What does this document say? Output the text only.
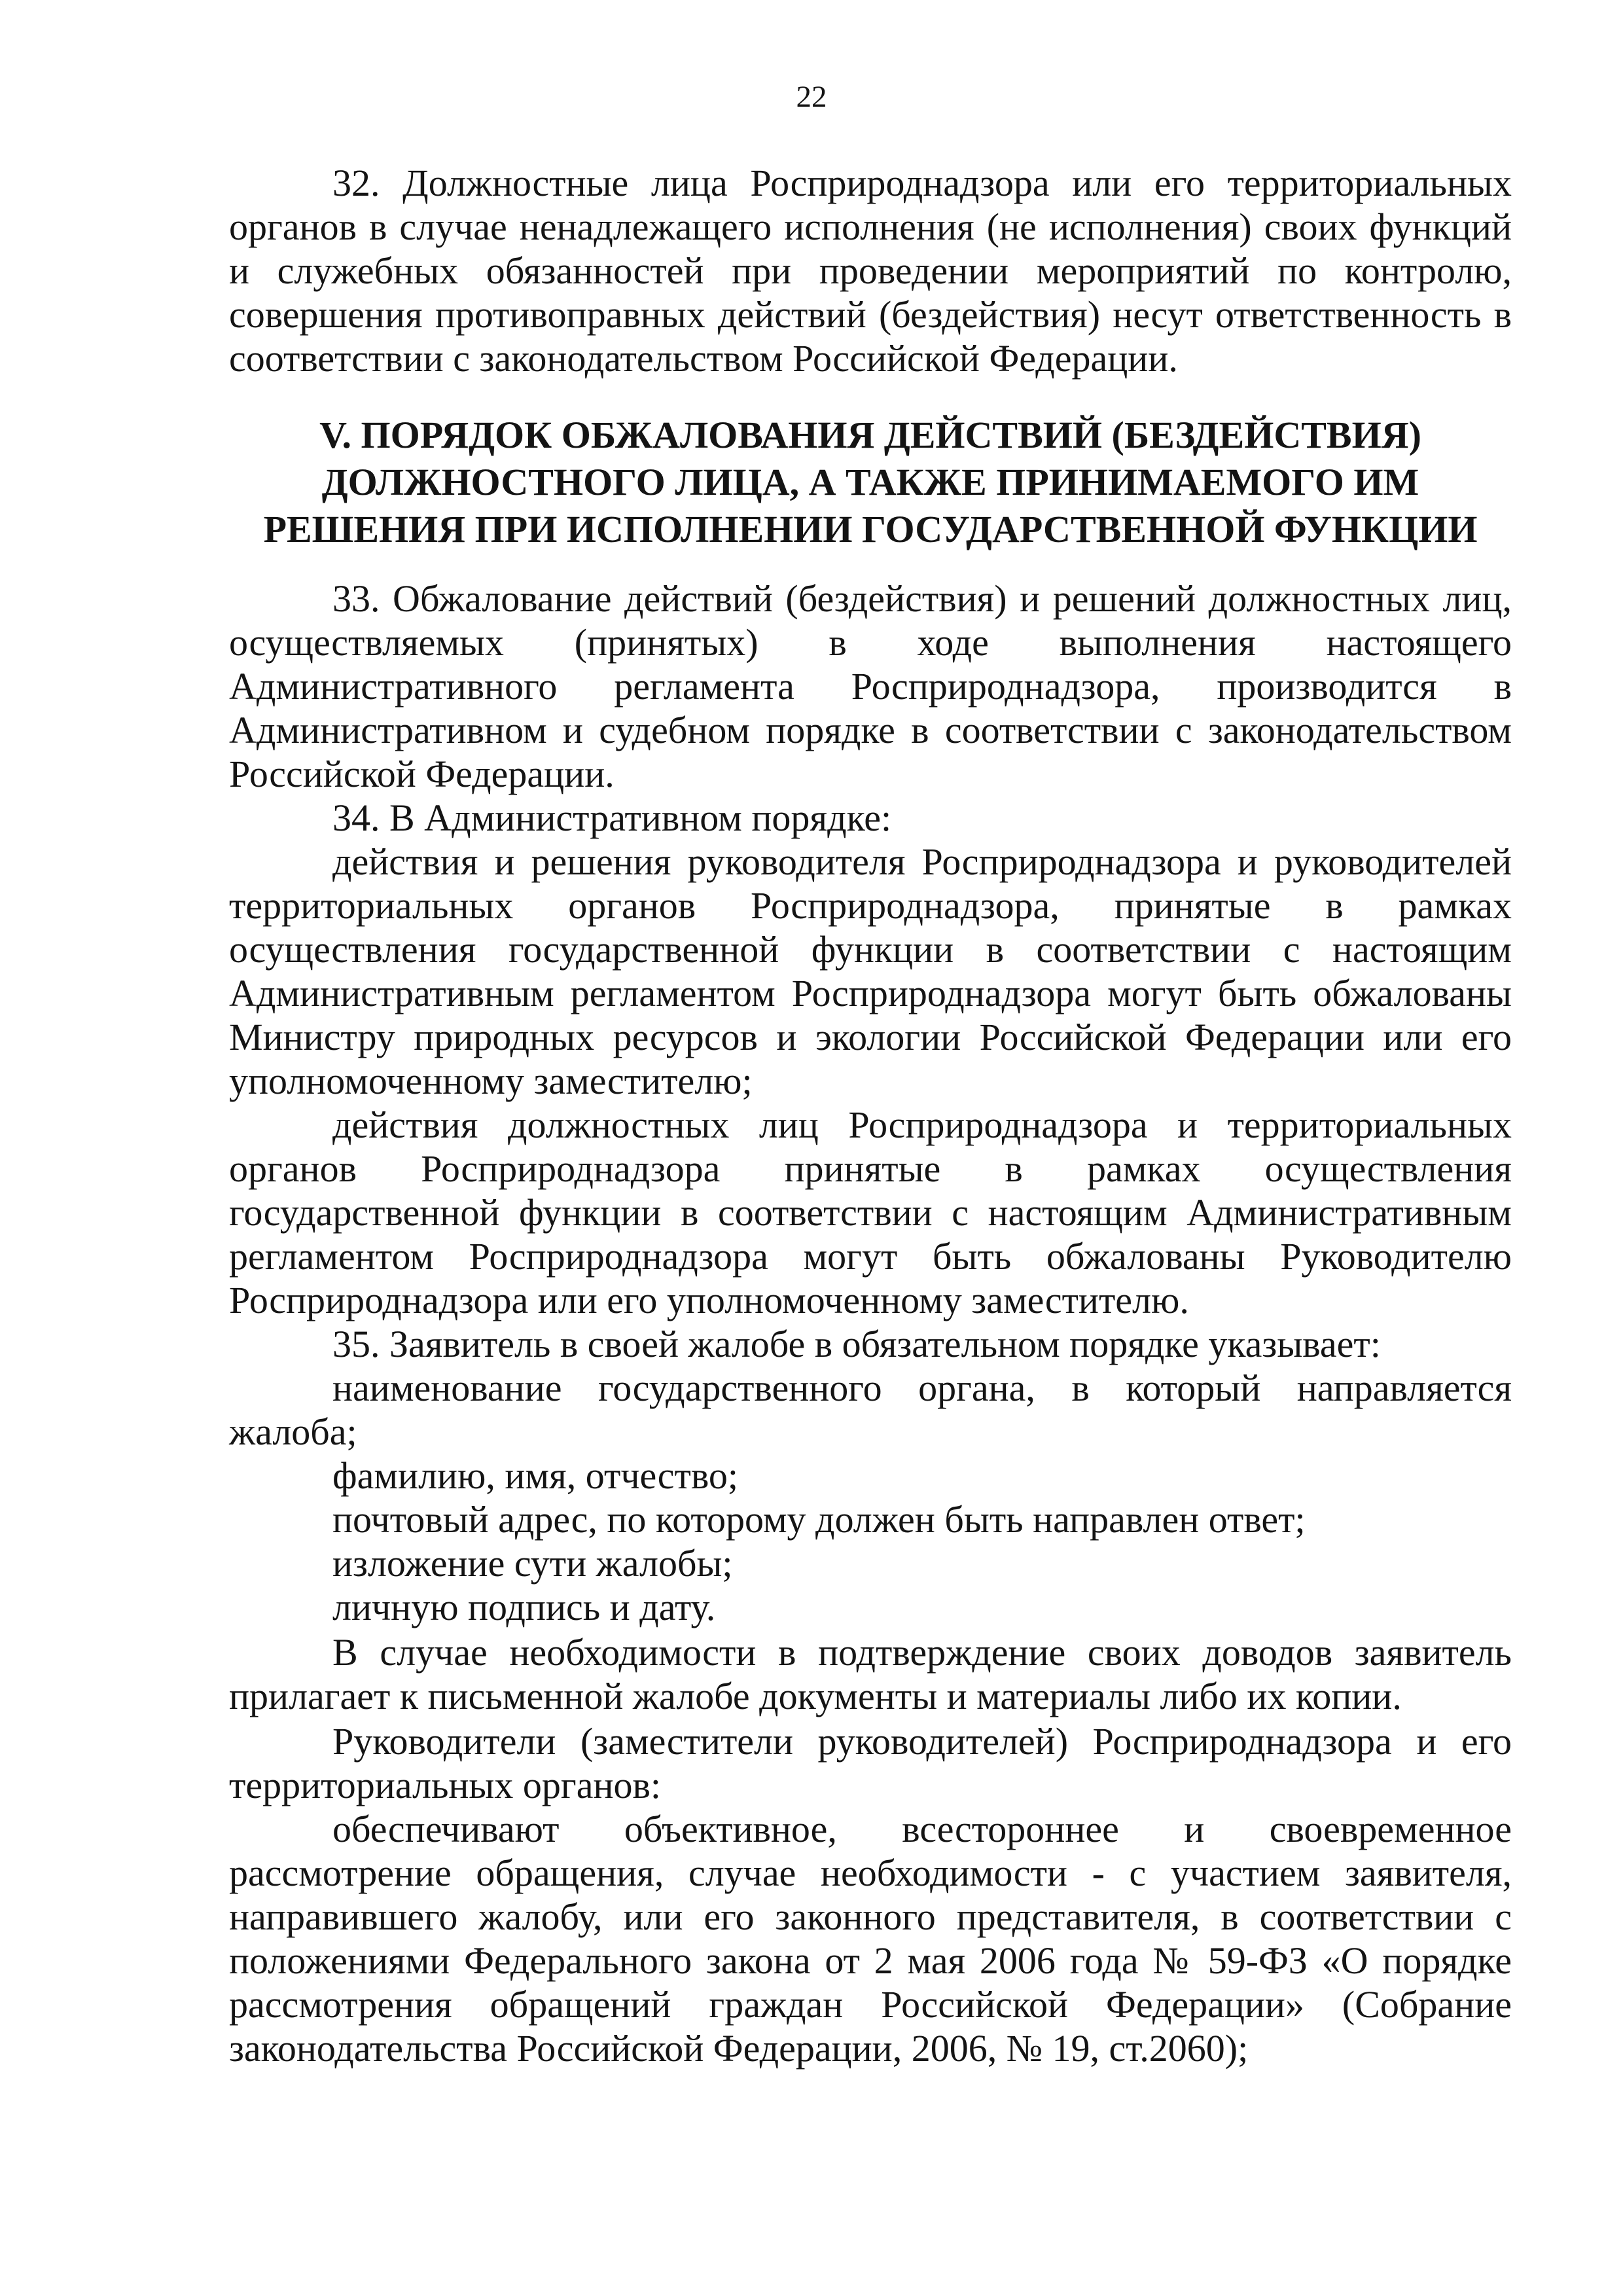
22

32. Должностные лица Росприроднадзора или его территориальных органов в случае ненадлежащего исполнения (не исполнения) своих функций и служебных обязанностей при проведении мероприятий по контролю, совершения противоправных действий (бездействия) несут ответственность в соответствии с законодательством Российской Федерации.

V. ПОРЯДОК ОБЖАЛОВАНИЯ ДЕЙСТВИЙ (БЕЗДЕЙСТВИЯ)
ДОЛЖНОСТНОГО ЛИЦА, А ТАКЖЕ ПРИНИМАЕМОГО ИМ
РЕШЕНИЯ ПРИ ИСПОЛНЕНИИ ГОСУДАРСТВЕННОЙ ФУНКЦИИ

33. Обжалование действий (бездействия) и решений должностных лиц, осуществляемых (принятых) в ходе выполнения настоящего Административного регламента Росприроднадзора, производится в Административном и судебном порядке в соответствии с законодательством Российской Федерации.

34. В Административном порядке:

действия и решения руководителя Росприроднадзора и руководителей территориальных органов Росприроднадзора, принятые в рамках осуществления государственной функции в соответствии с настоящим Административным регламентом Росприроднадзора могут быть обжалованы Министру природных ресурсов и экологии Российской Федерации или его уполномоченному заместителю;

действия должностных лиц Росприроднадзора и территориальных органов Росприроднадзора принятые в рамках осуществления государственной функции в соответствии с настоящим Административным регламентом Росприроднадзора могут быть обжалованы Руководителю Росприроднадзора или его уполномоченному заместителю.

35. Заявитель в своей жалобе в обязательном порядке указывает:

наименование государственного органа, в который направляется жалоба;

фамилию, имя, отчество;

почтовый адрес, по которому должен быть направлен ответ;

изложение сути жалобы;

личную подпись и дату.

В случае необходимости в подтверждение своих доводов заявитель прилагает к письменной жалобе документы и материалы либо их копии.

Руководители (заместители руководителей) Росприроднадзора и его территориальных органов:

обеспечивают объективное, всестороннее и своевременное рассмотрение обращения, случае необходимости - с участием заявителя, направившего жалобу, или его законного представителя, в соответствии с положениями Федерального закона от 2 мая 2006 года № 59-ФЗ «О порядке рассмотрения обращений граждан Российской Федерации» (Собрание законодательства Российской Федерации, 2006, № 19, ст.2060);
